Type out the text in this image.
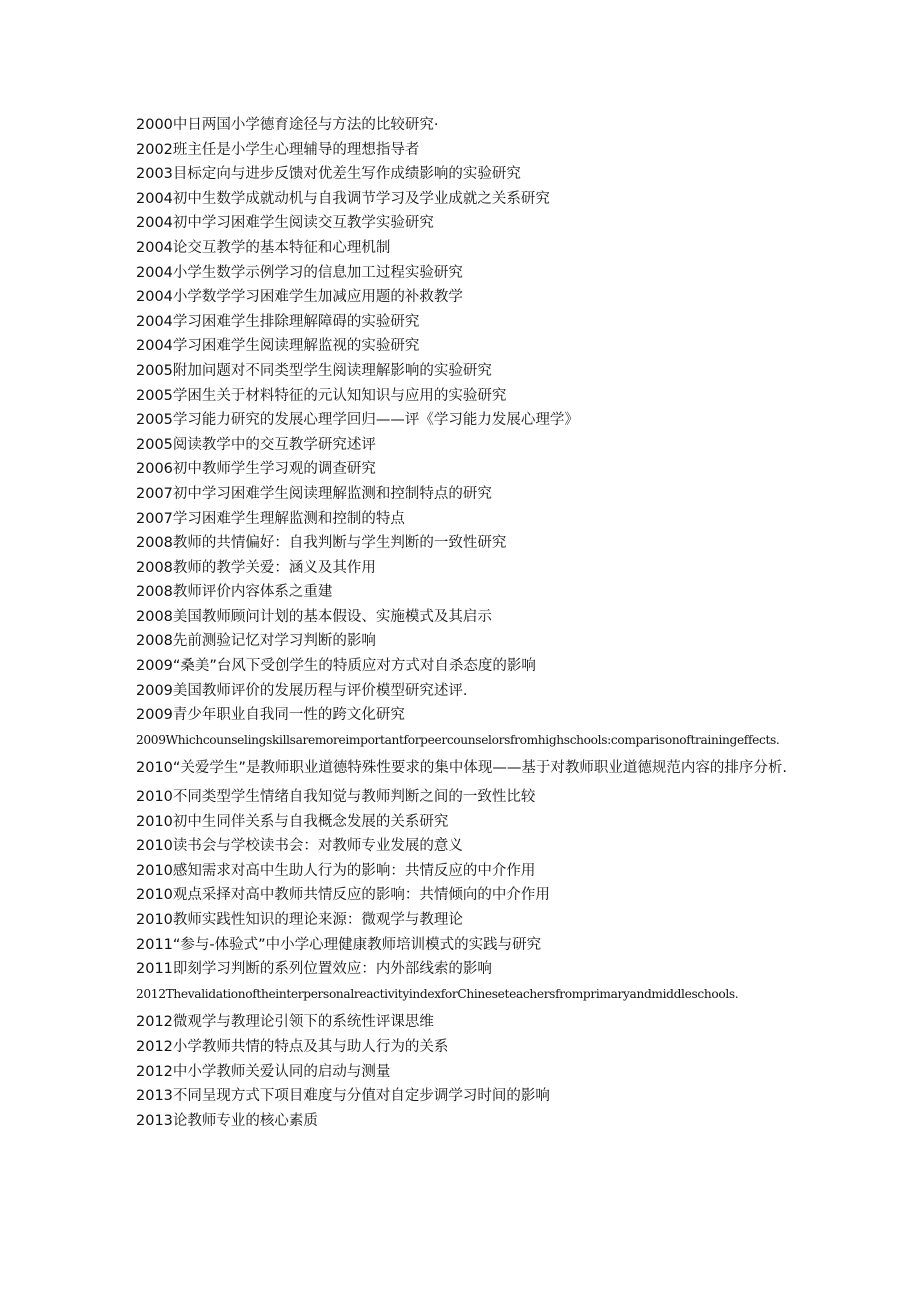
2000中日两国小学德育途径与方法的比较研究·
2002班主任是小学生心理辅导的理想指导者
2003目标定向与进步反馈对优差生写作成绩影响的实验研究
2004初中生数学成就动机与自我调节学习及学业成就之关系研究
2004初中学习困难学生阅读交互教学实验研究
2004论交互教学的基本特征和心理机制
2004小学生数学示例学习的信息加工过程实验研究
2004小学数学学习困难学生加减应用题的补救教学
2004学习困难学生排除理解障碍的实验研究
2004学习困难学生阅读理解监视的实验研究
2005附加问题对不同类型学生阅读理解影响的实验研究
2005学困生关于材料特征的元认知知识与应用的实验研究
2005学习能力研究的发展心理学回归——评《学习能力发展心理学》
2005阅读教学中的交互教学研究述评
2006初中教师学生学习观的调查研究
2007初中学习困难学生阅读理解监测和控制特点的研究
2007学习困难学生理解监测和控制的特点
2008教师的共情偏好：自我判断与学生判断的一致性研究
2008教师的教学关爱：涵义及其作用
2008教师评价内容体系之重建
2008美国教师顾问计划的基本假设、实施模式及其启示
2008先前测验记忆对学习判断的影响
2009“桑美”台风下受创学生的特质应对方式对自杀态度的影响
2009美国教师评价的发展历程与评价模型研究述评.
2009青少年职业自我同一性的跨文化研究
2009Whichcounselingskillsaremoreimportantforpeercounselorsfromhighschools:comparisonoftrainingeffects.
2010“关爱学生”是教师职业道德特殊性要求的集中体现——基于对教师职业道德规范内容的排序分析.
2010不同类型学生情绪自我知觉与教师判断之间的一致性比较
2010初中生同伴关系与自我概念发展的关系研究
2010读书会与学校读书会：对教师专业发展的意义
2010感知需求对高中生助人行为的影响：共情反应的中介作用
2010观点采择对高中教师共情反应的影响：共情倾向的中介作用
2010教师实践性知识的理论来源：微观学与教理论
2011“参与-体验式”中小学心理健康教师培训模式的实践与研究
2011即刻学习判断的系列位置效应：内外部线索的影响
2012ThevalidationoftheinterpersonalreactivityindexforChineseteachersfromprimaryandmiddleschools.
2012微观学与教理论引领下的系统性评课思维
2012小学教师共情的特点及其与助人行为的关系
2012中小学教师关爱认同的启动与测量
2013不同呈现方式下项目难度与分值对自定步调学习时间的影响
2013论教师专业的核心素质
